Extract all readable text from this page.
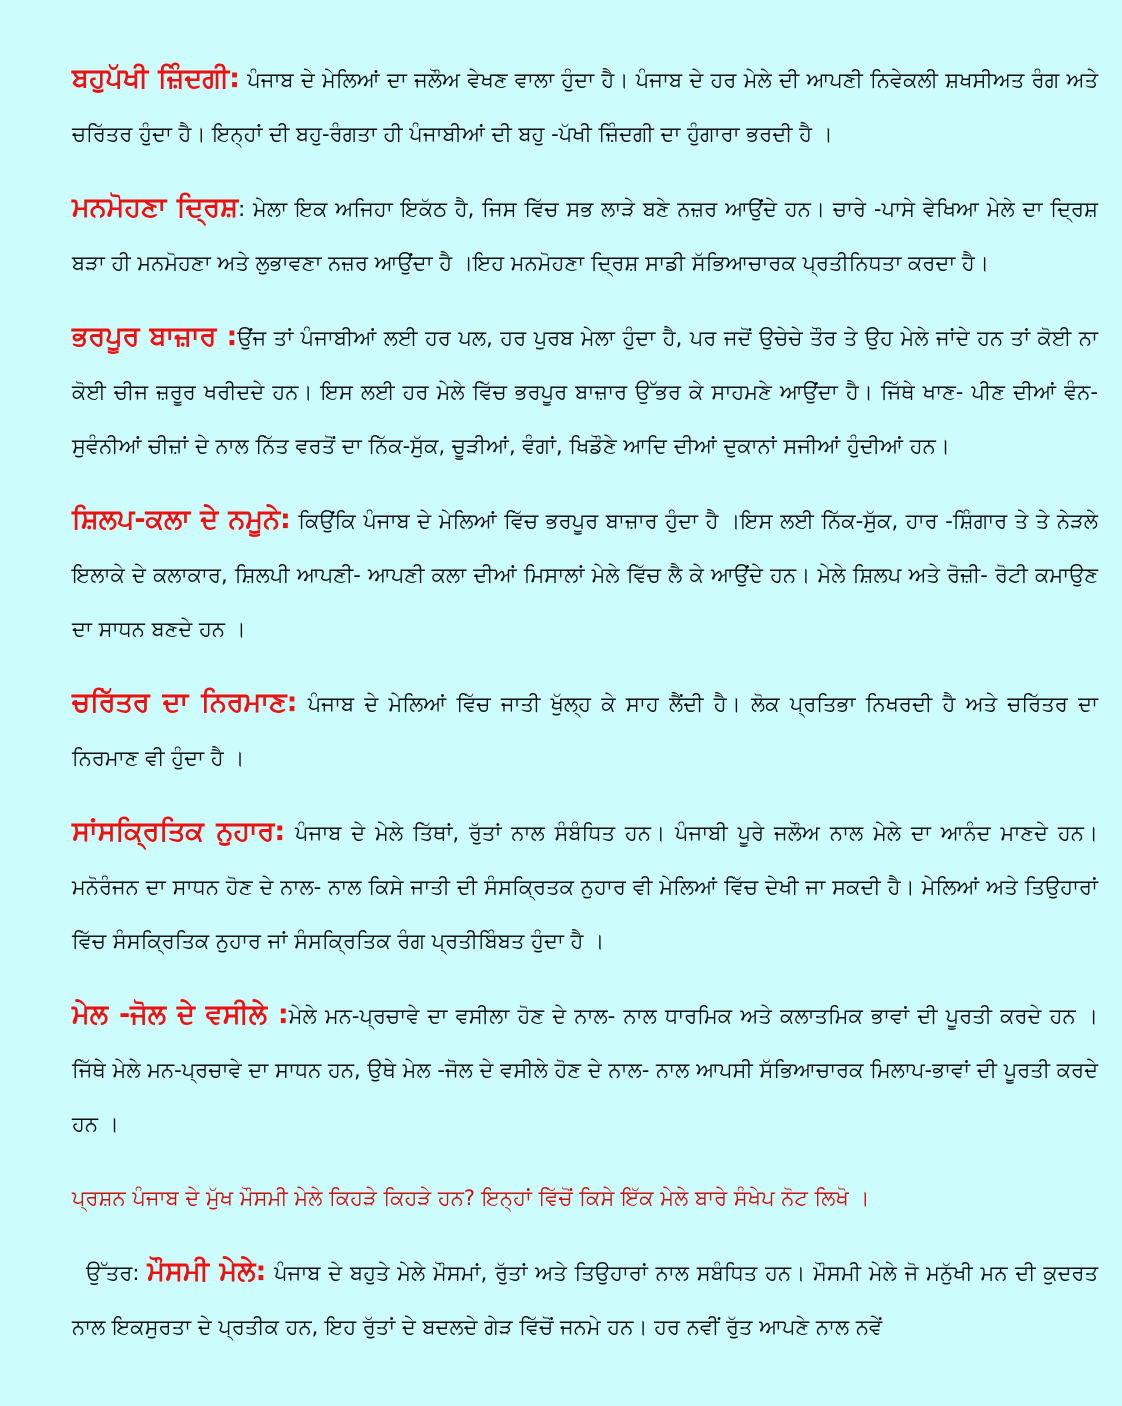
ਬਹੁਪੱਖੀ ਜ਼ਿੰਦਗੀ: ਪੰਜਾਬ ਦੇ ਮੇਲਿਆਂ ਦਾ ਜਲੌਅ ਵੇਖਣ ਵਾਲਾ ਹੁੰਦਾ ਹੈ। ਪੰਜਾਬ ਦੇ ਹਰ ਮੇਲੇ ਦੀ ਆਪਣੀ ਨਿਵੇਕਲੀ ਸ਼ਖਸੀਅਤ ਰੰਗ ਅਤੇ ਚਰਿੱਤਰ ਹੁੰਦਾ ਹੈ। ਇਨ੍ਹਾਂ ਦੀ ਬਹੁ-ਰੰਗਤਾ ਹੀ ਪੰਜਾਬੀਆਂ ਦੀ ਬਹੁ -ਪੱਖੀ ਜ਼ਿੰਦਗੀ ਦਾ ਹੁੰਗਾਰਾ ਭਰਦੀ ਹੈ ।

ਮਨਮੋਹਣਾ ਦ੍ਰਿਸ਼: ਮੇਲਾ ਇਕ ਅਜਿਹਾ ਇਕੱਠ ਹੈ, ਜਿਸ ਵਿੱਚ ਸਭ ਲਾੜੇ ਬਣੇ ਨਜ਼ਰ ਆਉਂਦੇ ਹਨ। ਚਾਰੇ -ਪਾਸੇ ਵੇਖਿਆ ਮੇਲੇ ਦਾ ਦ੍ਰਿਸ਼ ਬੜਾ ਹੀ ਮਨਮੋਹਣਾ ਅਤੇ ਲੁਭਾਵਣਾ ਨਜ਼ਰ ਆਉਂਦਾ ਹੈ ।ਇਹ ਮਨਮੋਹਣਾ ਦ੍ਰਿਸ਼ ਸਾਡੀ ਸੱਭਿਆਚਾਰਕ ਪ੍ਰਤੀਨਿਧਤਾ ਕਰਦਾ ਹੈ।

ਭਰਪੂਰ ਬਾਜ਼ਾਰ :ਉਂਜ ਤਾਂ ਪੰਜਾਬੀਆਂ ਲਈ ਹਰ ਪਲ, ਹਰ ਪੁਰਬ ਮੇਲਾ ਹੁੰਦਾ ਹੈ, ਪਰ ਜਦੋਂ ਉਚੇਚੇ ਤੌਰ ਤੇ ਉਹ ਮੇਲੇ ਜਾਂਦੇ ਹਨ ਤਾਂ ਕੋਈ ਨਾ ਕੋਈ ਚੀਜ ਜ਼ਰੂਰ ਖਰੀਦਦੇ ਹਨ। ਇਸ ਲਈ ਹਰ ਮੇਲੇ ਵਿੱਚ ਭਰਪੂਰ ਬਾਜ਼ਾਰ ਉੱਭਰ ਕੇ ਸਾਹਮਣੇ ਆਉਂਦਾ ਹੈ। ਜਿੱਥੇ ਖਾਣ- ਪੀਣ ਦੀਆਂ ਵੰਨ- ਸੁਵੰਨੀਆਂ ਚੀਜ਼ਾਂ ਦੇ ਨਾਲ ਨਿੱਤ ਵਰਤੋਂ ਦਾ ਨਿੱਕ-ਸੁੱਕ, ਚੂੜੀਆਂ, ਵੰਗਾਂ, ਖਿਡੌਣੇ ਆਦਿ ਦੀਆਂ ਦੁਕਾਨਾਂ ਸਜੀਆਂ ਹੁੰਦੀਆਂ ਹਨ।

ਸ਼ਿਲਪ-ਕਲਾ ਦੇ ਨਮੂਨੇ: ਕਿਉਂਕਿ ਪੰਜਾਬ ਦੇ ਮੇਲਿਆਂ ਵਿੱਚ ਭਰਪੂਰ ਬਾਜ਼ਾਰ ਹੁੰਦਾ ਹੈ ।ਇਸ ਲਈ ਨਿੱਕ-ਸੁੱਕ, ਹਾਰ -ਸ਼ਿੰਗਾਰ ਤੇ ਤੇ ਨੇੜਲੇ ਇਲਾਕੇ ਦੇ ਕਲਾਕਾਰ, ਸ਼ਿਲਪੀ ਆਪਣੀ- ਆਪਣੀ ਕਲਾ ਦੀਆਂ ਮਿਸਾਲਾਂ ਮੇਲੇ ਵਿੱਚ ਲੈ ਕੇ ਆਉਂਦੇ ਹਨ। ਮੇਲੇ ਸ਼ਿਲਪ ਅਤੇ ਰੋਜ਼ੀ- ਰੋਟੀ ਕਮਾਉਣ ਦਾ ਸਾਧਨ ਬਣਦੇ ਹਨ ।

ਚਰਿੱਤਰ ਦਾ ਨਿਰਮਾਣ: ਪੰਜਾਬ ਦੇ ਮੇਲਿਆਂ ਵਿੱਚ ਜਾਤੀ ਖੁੱਲ੍ਹ ਕੇ ਸਾਹ ਲੈਂਦੀ ਹੈ। ਲੋਕ ਪ੍ਰਤਿਭਾ ਨਿਖਰਦੀ ਹੈ ਅਤੇ ਚਰਿੱਤਰ ਦਾ ਨਿਰਮਾਣ ਵੀ ਹੁੰਦਾ ਹੈ ।

ਸਾਂਸਕ੍ਰਿਤਿਕ ਨੁਹਾਰ: ਪੰਜਾਬ ਦੇ ਮੇਲੇ ਤਿੱਥਾਂ, ਰੁੱਤਾਂ ਨਾਲ ਸੰਬੰਧਿਤ ਹਨ। ਪੰਜਾਬੀ ਪੂਰੇ ਜਲੌਅ ਨਾਲ ਮੇਲੇ ਦਾ ਆਨੰਦ ਮਾਣਦੇ ਹਨ। ਮਨੋਰੰਜਨ ਦਾ ਸਾਧਨ ਹੋਣ ਦੇ ਨਾਲ- ਨਾਲ ਕਿਸੇ ਜਾਤੀ ਦੀ ਸੰਸਕ੍ਰਿਤਕ ਨੁਹਾਰ ਵੀ ਮੇਲਿਆਂ ਵਿੱਚ ਦੇਖੀ ਜਾ ਸਕਦੀ ਹੈ। ਮੇਲਿਆਂ ਅਤੇ ਤਿਉਹਾਰਾਂ ਵਿੱਚ ਸੰਸਕ੍ਰਿਤਿਕ ਨੁਹਾਰ ਜਾਂ ਸੰਸਕ੍ਰਿਤਿਕ ਰੰਗ ਪ੍ਰਤੀਬਿੰਬਤ ਹੁੰਦਾ ਹੈ ।

ਮੇਲ -ਜੋਲ ਦੇ ਵਸੀਲੇ :ਮੇਲੇ ਮਨ-ਪ੍ਰਚਾਵੇ ਦਾ ਵਸੀਲਾ ਹੋਣ ਦੇ ਨਾਲ- ਨਾਲ ਧਾਰਮਿਕ ਅਤੇ ਕਲਾਤਮਿਕ ਭਾਵਾਂ ਦੀ ਪੂਰਤੀ ਕਰਦੇ ਹਨ ।ਜਿੱਥੇ ਮੇਲੇ ਮਨ-ਪ੍ਰਚਾਵੇ ਦਾ ਸਾਧਨ ਹਨ, ਉਥੇ ਮੇਲ -ਜੋਲ ਦੇ ਵਸੀਲੇ ਹੋਣ ਦੇ ਨਾਲ- ਨਾਲ ਆਪਸੀ ਸੱਭਿਆਚਾਰਕ ਮਿਲਾਪ-ਭਾਵਾਂ ਦੀ ਪੂਰਤੀ ਕਰਦੇ ਹਨ ।

ਪ੍ਰਸ਼ਨ ਪੰਜਾਬ ਦੇ ਮੁੱਖ ਮੌਸਮੀ ਮੇਲੇ ਕਿਹੜੇ ਕਿਹੜੇ ਹਨ? ਇਨ੍ਹਾਂ ਵਿੱਚੋਂ ਕਿਸੇ ਇੱਕ ਮੇਲੇ ਬਾਰੇ ਸੰਖੇਪ ਨੋਟ ਲਿਖੋ ।

ਉੱਤਰ: ਮੌਸਮੀ ਮੇਲੇ: ਪੰਜਾਬ ਦੇ ਬਹੁਤੇ ਮੇਲੇ ਮੌਸਮਾਂ, ਰੁੱਤਾਂ ਅਤੇ ਤਿਉਹਾਰਾਂ ਨਾਲ ਸਬੰਧਿਤ ਹਨ। ਮੌਸਮੀ ਮੇਲੇ ਜੋ ਮਨੁੱਖੀ ਮਨ ਦੀ ਕੁਦਰਤ ਨਾਲ ਇਕਸੁਰਤਾ ਦੇ ਪ੍ਰਤੀਕ ਹਨ, ਇਹ ਰੁੱਤਾਂ ਦੇ ਬਦਲਦੇ ਗੇੜ ਵਿੱਚੋਂ ਜਨਮੇ ਹਨ। ਹਰ ਨਵੀਂ ਰੁੱਤ ਆਪਣੇ ਨਾਲ ਨਵੇਂ
